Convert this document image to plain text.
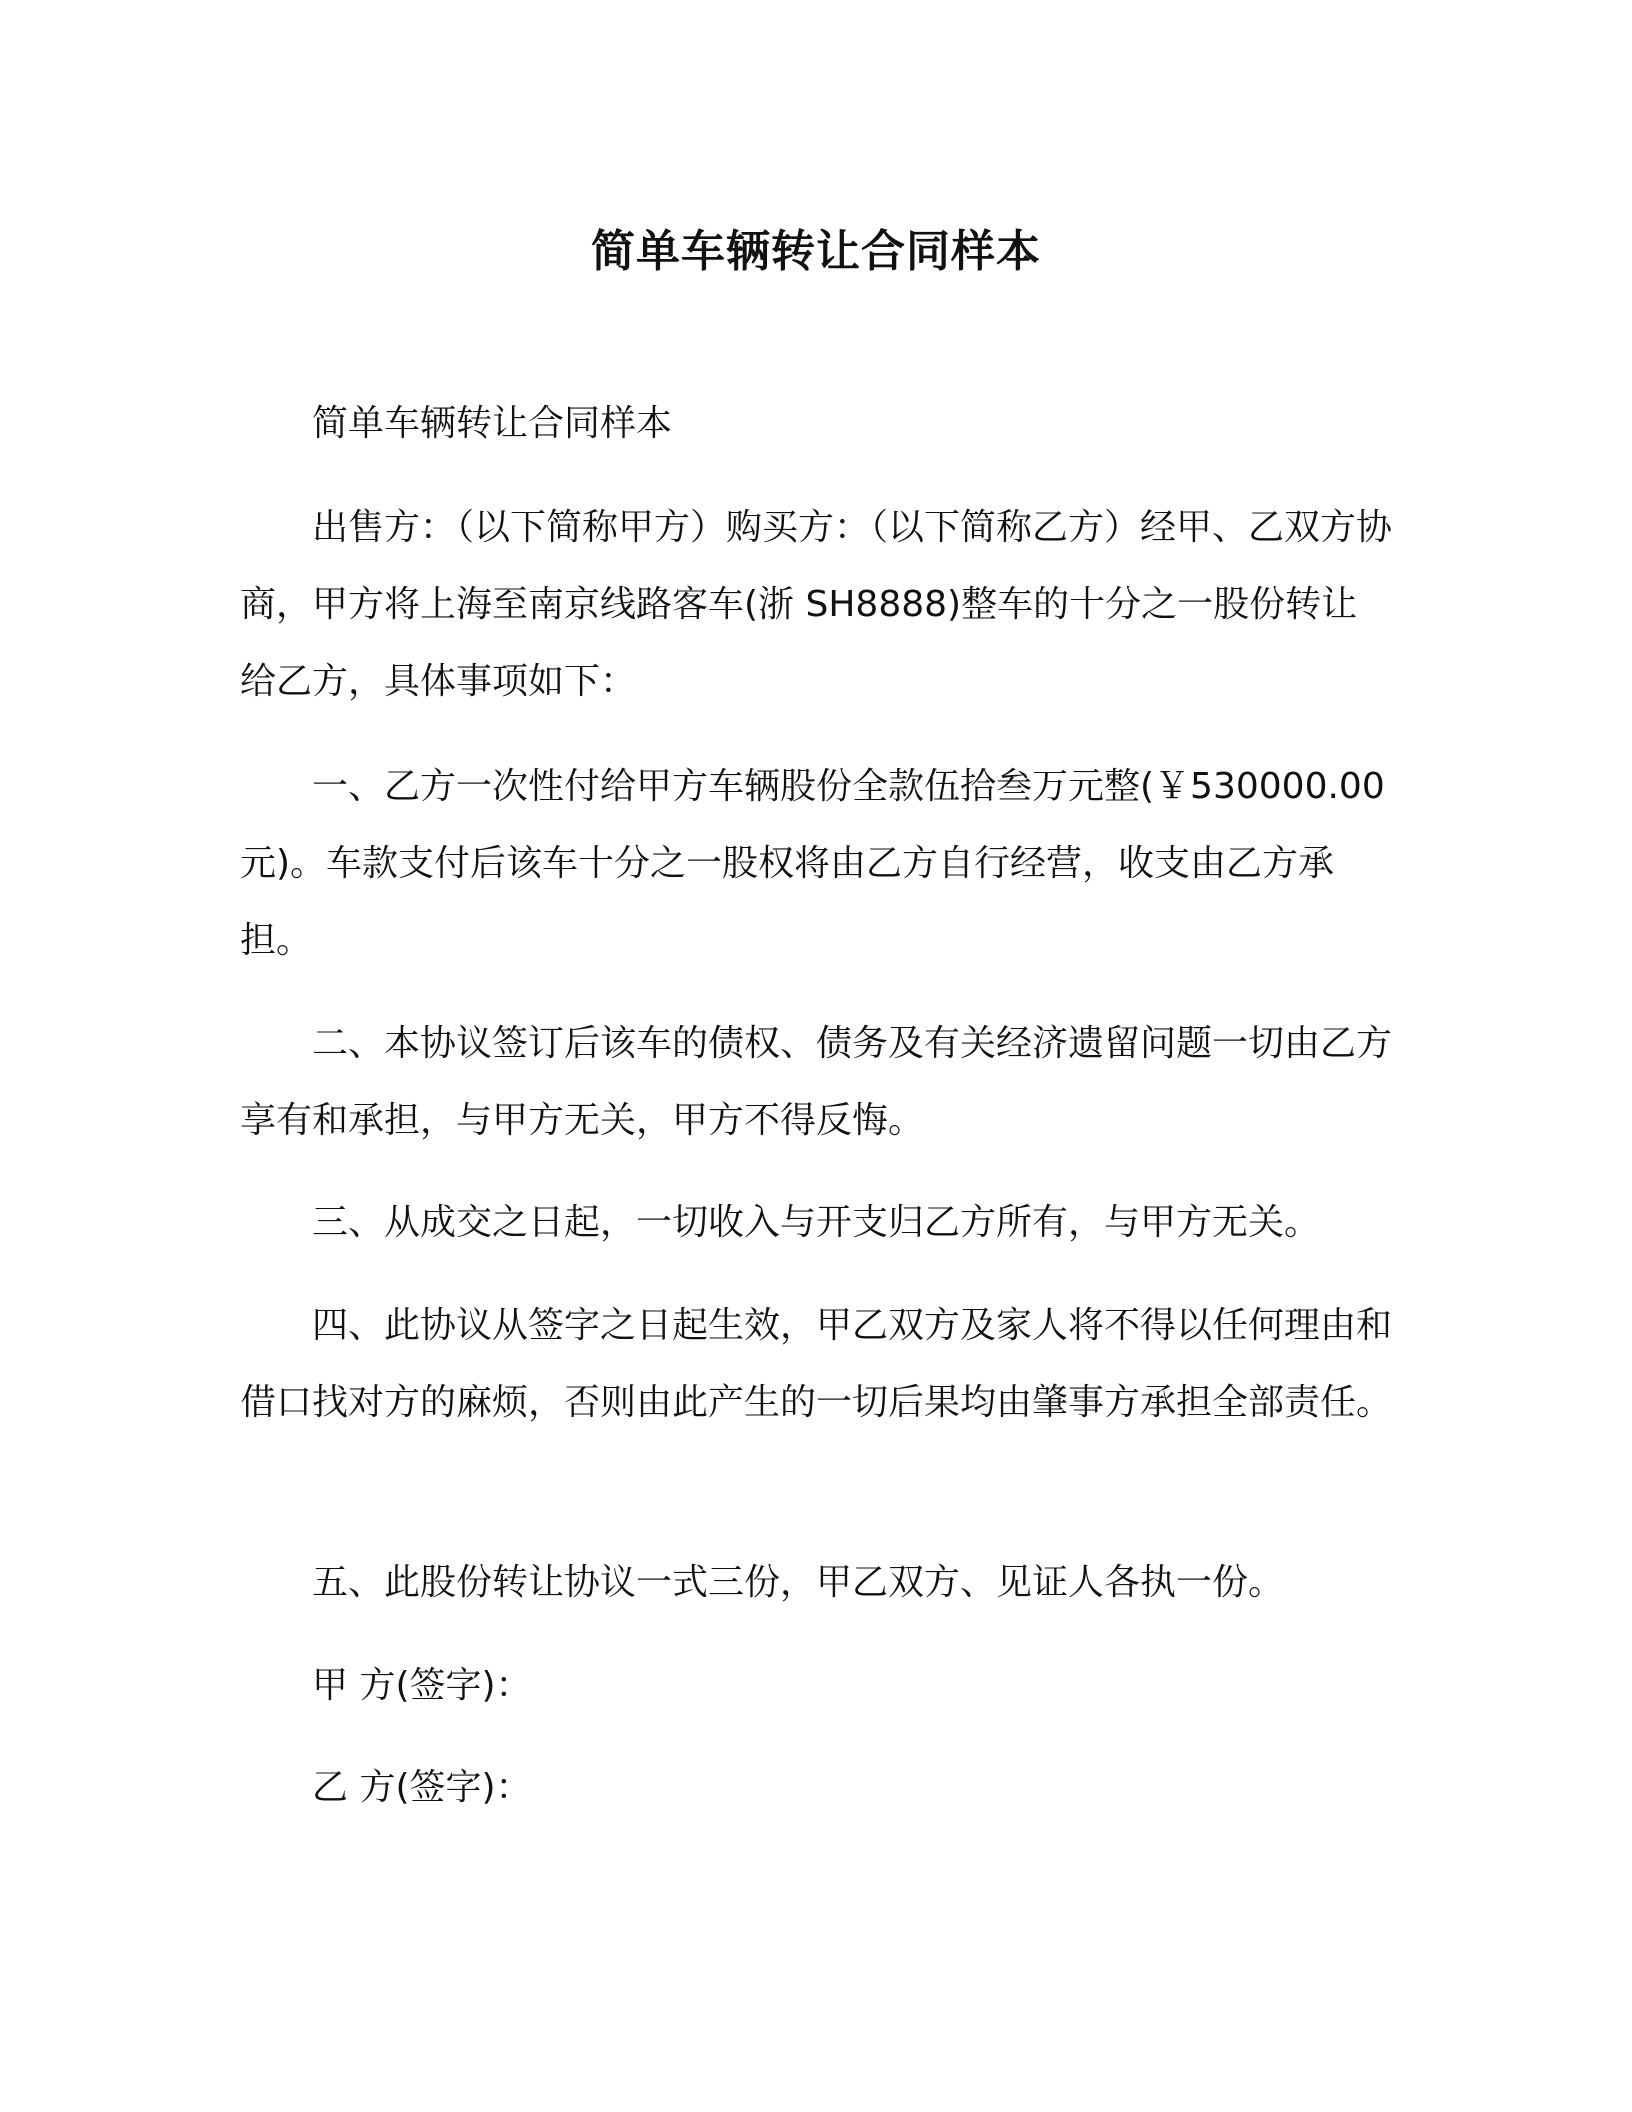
简单车辆转让合同样本

简单车辆转让合同样本

出售方：（以下简称甲方）购买方：（以下简称乙方）经甲、乙双方协商，甲方将上海至南京线路客车(浙 SH8888)整车的十分之一股份转让给乙方，具体事项如下：

一、乙方一次性付给甲方车辆股份全款伍拾叁万元整(￥530000.00 元)。车款支付后该车十分之一股权将由乙方自行经营，收支由乙方承担。

二、本协议签订后该车的债权、债务及有关经济遗留问题一切由乙方享有和承担，与甲方无关，甲方不得反悔。

三、从成交之日起，一切收入与开支归乙方所有，与甲方无关。

四、此协议从签字之日起生效，甲乙双方及家人将不得以任何理由和借口找对方的麻烦，否则由此产生的一切后果均由肇事方承担全部责任。

五、此股份转让协议一式三份，甲乙双方、见证人各执一份。

甲 方(签字)：

乙 方(签字)：
